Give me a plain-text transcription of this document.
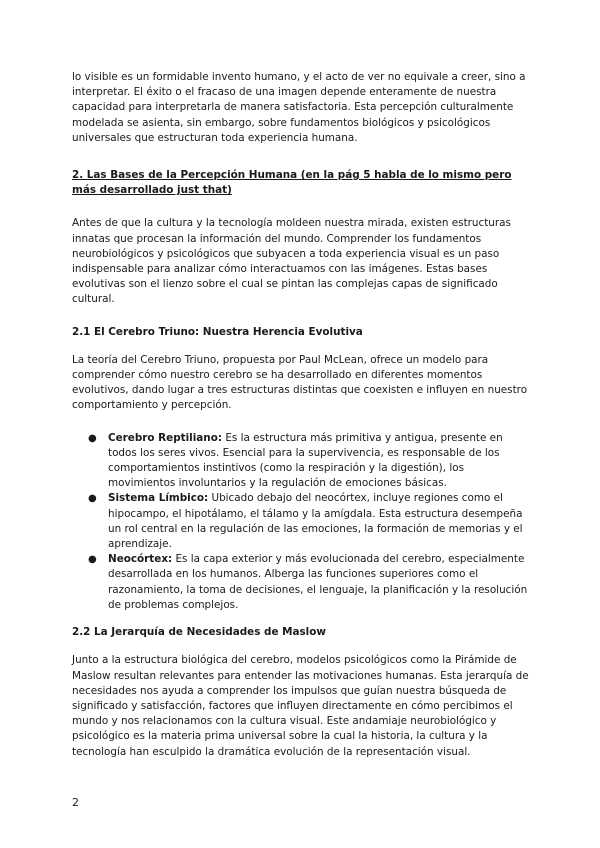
lo visible es un formidable invento humano, y el acto de ver no equivale a creer, sino a interpretar. El éxito o el fracaso de una imagen depende enteramente de nuestra capacidad para interpretarla de manera satisfactoria. Esta percepción culturalmente modelada se asienta, sin embargo, sobre fundamentos biológicos y psicológicos universales que estructuran toda experiencia humana.

2. Las Bases de la Percepción Humana (en la pág 5 habla de lo mismo pero más desarrollado just that)

Antes de que la cultura y la tecnología moldeen nuestra mirada, existen estructuras innatas que procesan la información del mundo. Comprender los fundamentos neurobiológicos y psicológicos que subyacen a toda experiencia visual es un paso indispensable para analizar cómo interactuamos con las imágenes. Estas bases evolutivas son el lienzo sobre el cual se pintan las complejas capas de significado cultural.

2.1 El Cerebro Triuno: Nuestra Herencia Evolutiva

La teoría del Cerebro Triuno, propuesta por Paul McLean, ofrece un modelo para comprender cómo nuestro cerebro se ha desarrollado en diferentes momentos evolutivos, dando lugar a tres estructuras distintas que coexisten e influyen en nuestro comportamiento y percepción.

● Cerebro Reptiliano: Es la estructura más primitiva y antigua, presente en todos los seres vivos. Esencial para la supervivencia, es responsable de los comportamientos instintivos (como la respiración y la digestión), los movimientos involuntarios y la regulación de emociones básicas.
● Sistema Límbico: Ubicado debajo del neocórtex, incluye regiones como el hipocampo, el hipotálamo, el tálamo y la amígdala. Esta estructura desempeña un rol central en la regulación de las emociones, la formación de memorias y el aprendizaje.
● Neocórtex: Es la capa exterior y más evolucionada del cerebro, especialmente desarrollada en los humanos. Alberga las funciones superiores como el razonamiento, la toma de decisiones, el lenguaje, la planificación y la resolución de problemas complejos.

2.2 La Jerarquía de Necesidades de Maslow

Junto a la estructura biológica del cerebro, modelos psicológicos como la Pirámide de Maslow resultan relevantes para entender las motivaciones humanas. Esta jerarquía de necesidades nos ayuda a comprender los impulsos que guían nuestra búsqueda de significado y satisfacción, factores que influyen directamente en cómo percibimos el mundo y nos relacionamos con la cultura visual. Este andamiaje neurobiológico y psicológico es la materia prima universal sobre la cual la historia, la cultura y la tecnología han esculpido la dramática evolución de la representación visual.

2
